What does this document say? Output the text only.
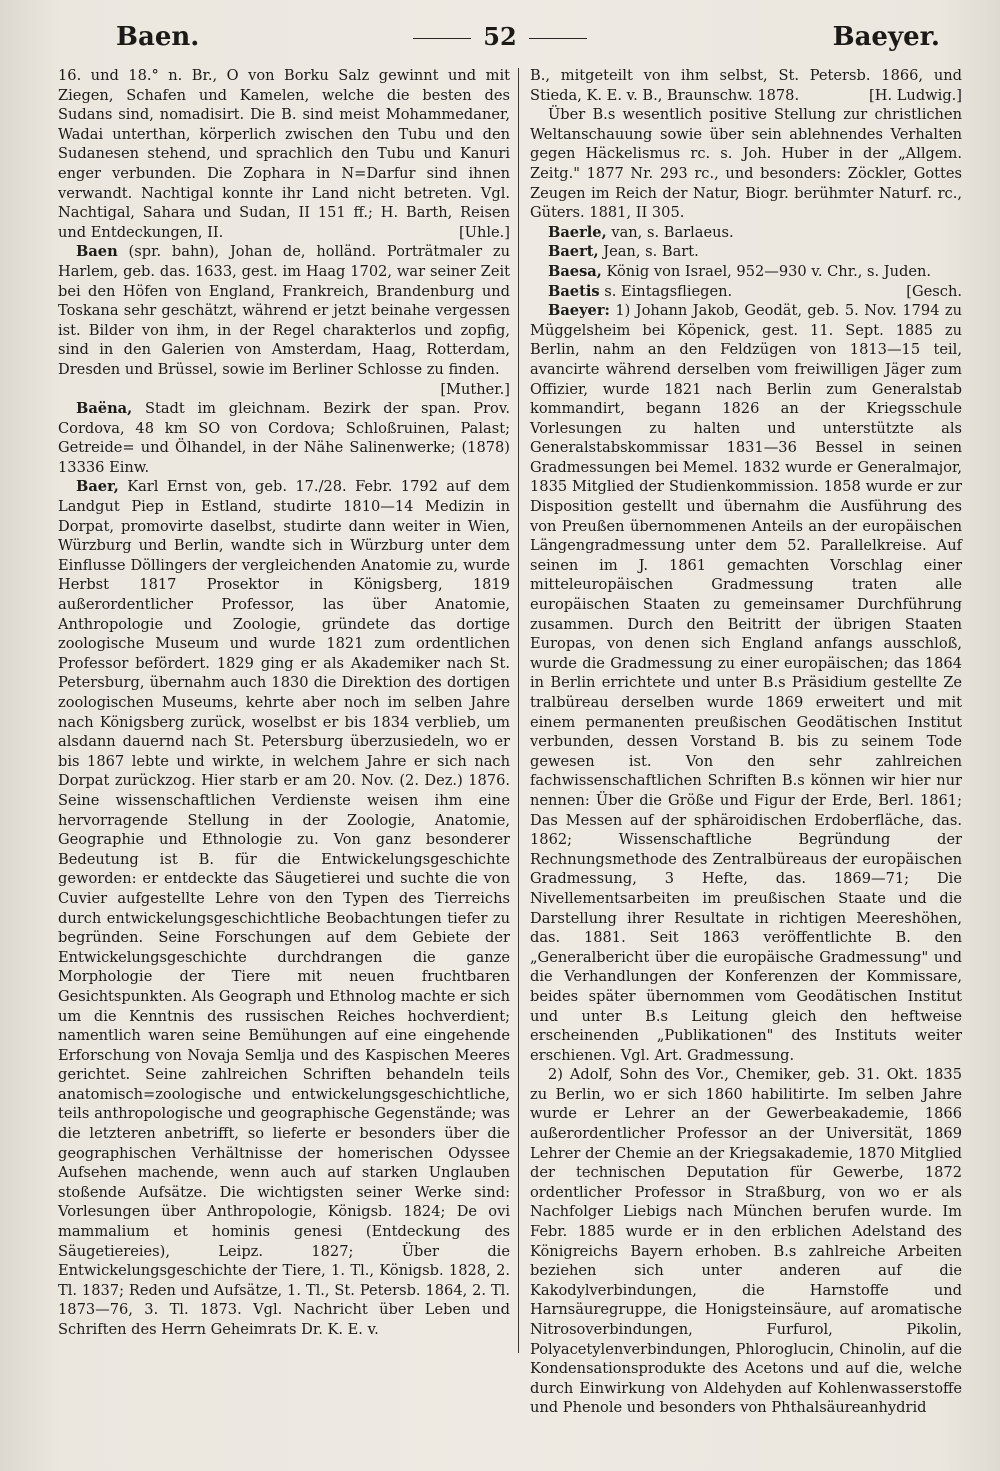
Baen.	52	Baeyer.

16. und 18.° n. Br., O von Borku Salz gewinnt und mit Ziegen, Schafen und Kamelen, welche die besten des Sudans sind, nomadisirt. Die B. sind meist Mohammedaner, Wadai unterthan, körperlich zwischen den Tubu und den Sudanesen stehend, und sprachlich den Tubu und Kanuri enger verbunden. Die Zophara in N=Darfur sind ihnen verwandt. Nachtigal konnte ihr Land nicht betreten. Vgl. Nachtigal, Sahara und Sudan, II 151 ff.; H. Barth, Reisen und Entdeckungen, II.	[Uhle.]

Baen (spr. bahn), Johan de, holländ. Porträtmaler zu Harlem, geb. das. 1633, gest. im Haag 1702, war seiner Zeit bei den Höfen von England, Frankreich, Brandenburg und Toskana sehr geschätzt, während er jetzt beinahe vergessen ist. Bilder von ihm, in der Regel charakterlos und zopfig, sind in den Galerien von Amsterdam, Haag, Rotterdam, Dresden und Brüssel, sowie im Berliner Schlosse zu finden.
[Muther.]

Baëna, Stadt im gleichnam. Bezirk der span. Prov. Cordova, 48 km SO von Cordova; Schloßruinen, Palast; Getreide= und Ölhandel, in der Nähe Salinenwerke; (1878) 13336 Einw.

Baer, Karl Ernst von, geb. 17./28. Febr. 1792 auf dem Landgut Piep in Estland, studirte 1810—14 Medizin in Dorpat, promovirte daselbst, studirte dann weiter in Wien, Würzburg und Berlin, wandte sich in Würzburg unter dem Einflusse Döllingers der vergleichenden Anatomie zu, wurde Herbst 1817 Prosektor in Königsberg, 1819 außerordentlicher Professor, las über Anatomie, Anthropologie und Zoologie, gründete das dortige zoologische Museum und wurde 1821 zum ordentlichen Professor befördert. 1829 ging er als Akademiker nach St. Petersburg, übernahm auch 1830 die Direktion des dortigen zoologischen Museums, kehrte aber noch im selben Jahre nach Königsberg zurück, woselbst er bis 1834 verblieb, um alsdann dauernd nach St. Petersburg überzusiedeln, wo er bis 1867 lebte und wirkte, in welchem Jahre er sich nach Dorpat zurückzog. Hier starb er am 20. Nov. (2. Dez.) 1876. Seine wissenschaftlichen Verdienste weisen ihm eine hervorragende Stellung in der Zoologie, Anatomie, Geographie und Ethnologie zu. Von ganz besonderer Bedeutung ist B. für die Entwickelungsgeschichte geworden: er entdeckte das Säugetierei und suchte die von Cuvier aufgestellte Lehre von den Typen des Tierreichs durch entwickelungsgeschichtliche Beobachtungen tiefer zu begründen. Seine Forschungen auf dem Gebiete der Entwickelungsgeschichte durchdrangen die ganze Morphologie der Tiere mit neuen fruchtbaren Gesichtspunkten. Als Geograph und Ethnolog machte er sich um die Kenntnis des russischen Reiches hochverdient; namentlich waren seine Bemühungen auf eine eingehende Erforschung von Novaja Semlja und des Kaspischen Meeres gerichtet. Seine zahlreichen Schriften behandeln teils anatomisch=zoologische und entwickelungsgeschichtliche, teils anthropologische und geographische Gegenstände; was die letzteren anbetrifft, so lieferte er besonders über die geographischen Verhältnisse der homerischen Odyssee Aufsehen machende, wenn auch auf starken Unglauben stoßende Aufsätze. Die wichtigsten seiner Werke sind: Vorlesungen über Anthropologie, Königsb. 1824; De ovi mammalium et hominis genesi (Entdeckung des Säugetiereies), Leipz. 1827; Über die Entwickelungsgeschichte der Tiere, 1. Tl., Königsb. 1828, 2. Tl. 1837; Reden und Aufsätze, 1. Tl., St. Petersb. 1864, 2. Tl. 1873—76, 3. Tl. 1873. Vgl. Nachricht über Leben und Schriften des Herrn Geheimrats Dr. K. E. v.

B., mitgeteilt von ihm selbst, St. Petersb. 1866, und Stieda, K. E. v. B., Braunschw. 1878.	[H. Ludwig.]

Über B.s wesentlich positive Stellung zur christlichen Weltanschauung sowie über sein ablehnendes Verhalten gegen Häckelismus rc. s. Joh. Huber in der „Allgem. Zeitg." 1877 Nr. 293 rc., und besonders: Zöckler, Gottes Zeugen im Reich der Natur, Biogr. berühmter Naturf. rc., Güters. 1881, II 305.

Baerle, van, s. Barlaeus.

Baert, Jean, s. Bart.

Baesa, König von Israel, 952—930 v. Chr., s. Juden.

Baetis s. Eintagsfliegen.	[Gesch.

Baeyer: 1) Johann Jakob, Geodät, geb. 5. Nov. 1794 zu Müggelsheim bei Köpenick, gest. 11. Sept. 1885 zu Berlin, nahm an den Feldzügen von 1813—15 teil, avancirte während derselben vom freiwilligen Jäger zum Offizier, wurde 1821 nach Berlin zum Generalstab kommandirt, begann 1826 an der Kriegsschule Vorlesungen zu halten und unterstützte als Generalstabskommissar 1831—36 Bessel in seinen Gradmessungen bei Memel. 1832 wurde er Generalmajor, 1835 Mitglied der Studienkommission. 1858 wurde er zur Disposition gestellt und übernahm die Ausführung des von Preußen übernommenen Anteils an der europäischen Längengradmessung unter dem 52. Parallelkreise. Auf seinen im J. 1861 gemachten Vorschlag einer mitteleuropäischen Gradmessung traten alle europäischen Staaten zu gemeinsamer Durchführung zusammen. Durch den Beitritt der übrigen Staaten Europas, von denen sich England anfangs ausschloß, wurde die Gradmessung zu einer europäischen; das 1864 in Berlin errichtete und unter B.s Präsidium gestellte Ze tralbüreau derselben wurde 1869 erweitert und mit einem permanenten preußischen Geodätischen Institut verbunden, dessen Vorstand B. bis zu seinem Tode gewesen ist. Von den sehr zahlreichen fachwissenschaftlichen Schriften B.s können wir hier nur nennen: Über die Größe und Figur der Erde, Berl. 1861; Das Messen auf der sphäroidischen Erdoberfläche, das. 1862; Wissenschaftliche Begründung der Rechnungsmethode des Zentralbüreaus der europäischen Gradmessung, 3 Hefte, das. 1869—71; Die Nivellementsarbeiten im preußischen Staate und die Darstellung ihrer Resultate in richtigen Meereshöhen, das. 1881. Seit 1863 veröffentlichte B. den „Generalbericht über die europäische Gradmessung" und die Verhandlungen der Konferenzen der Kommissare, beides später übernommen vom Geodätischen Institut und unter B.s Leitung gleich den heftweise erscheinenden „Publikationen" des Instituts weiter erschienen. Vgl. Art. Gradmessung.

2) Adolf, Sohn des Vor., Chemiker, geb. 31. Okt. 1835 zu Berlin, wo er sich 1860 habilitirte. Im selben Jahre wurde er Lehrer an der Gewerbeakademie, 1866 außerordentlicher Professor an der Universität, 1869 Lehrer der Chemie an der Kriegsakademie, 1870 Mitglied der technischen Deputation für Gewerbe, 1872 ordentlicher Professor in Straßburg, von wo er als Nachfolger Liebigs nach München berufen wurde. Im Febr. 1885 wurde er in den erblichen Adelstand des Königreichs Bayern erhoben. B.s zahlreiche Arbeiten beziehen sich unter anderen auf die Kakodylverbindungen, die Harnstoffe und Harnsäuregruppe, die Honigsteinsäure, auf aromatische Nitrosoverbindungen, Furfurol, Pikolin, Polyacetylenverbindungen, Phloroglucin, Chinolin, auf die Kondensationsprodukte des Acetons und auf die, welche durch Einwirkung von Aldehyden auf Kohlenwasserstoffe und Phenole und besonders von Phthalsäureanhydrid
